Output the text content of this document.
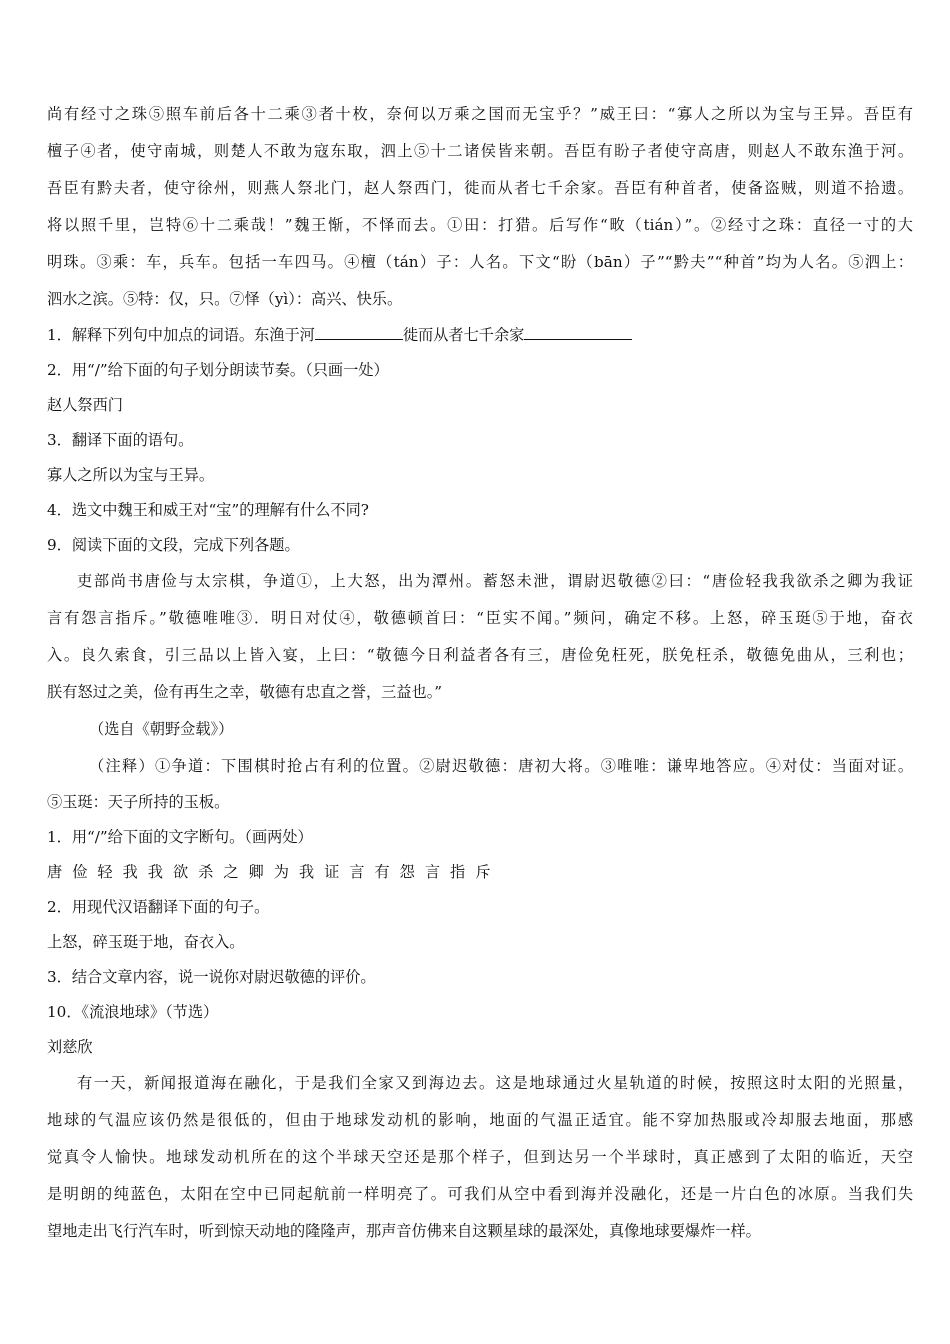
尚有经寸之珠⑤照车前后各十二乘③者十枚，奈何以万乘之国而无宝乎？”威王曰：“寡人之所以为宝与王异。吾臣有
檀子④者，使守南城，则楚人不敢为寇东取，泗上⑤十二诸侯皆来朝。吾臣有盼子者使守高唐，则赵人不敢东渔于河。
吾臣有黔夫者，使守徐州，则燕人祭北门，赵人祭西门，徙而从者七千余家。吾臣有种首者，使备盗贼，则道不拾遗。
将以照千里，岂特⑥十二乘哉！”魏王惭，不怿而去。①田：打猎。后写作“畋（tián）”。②经寸之珠：直径一寸的大
明珠。③乘：车，兵车。包括一车四马。④檀（tán）子：人名。下文“盼（bān）子”“黔夫”“种首”均为人名。⑤泗上：
泗水之滨。⑤特：仅，只。⑦怿（yì）：高兴、快乐。
1．解释下列句中加点的词语。东渔于河	徙而从者七千余家
2．用“/”给下面的句子划分朗读节奏。（只画一处）
赵人祭西门
3．翻译下面的语句。
寡人之所以为宝与王异。
4．选文中魏王和威王对“宝”的理解有什么不同?
9．阅读下面的文段，完成下列各题。
吏部尚书唐俭与太宗棋，争道①，上大怒，出为潭州。蓄怒未泄，谓尉迟敬德②曰：“唐俭轻我我欲杀之卿为我证
言有怨言指斥。”敬德唯唯③．明日对仗④，敬德顿首曰：“臣实不闻。”频问，确定不移。上怒，碎玉珽⑤于地，奋衣
入。良久索食，引三品以上皆入宴，上曰：“敬德今日利益者各有三，唐俭免枉死，朕免枉杀，敬德免曲从，三利也；
朕有怒过之美，俭有再生之幸，敬德有忠直之誉，三益也。”
（选自《朝野佥载》）
（注释）①争道：下围棋时抢占有利的位置。②尉迟敬德：唐初大将。③唯唯：谦卑地答应。④对仗：当面对证。
⑤玉珽：天子所持的玉板。
1．用“/”给下面的文字断句。（画两处）
唐俭轻我我欲杀之卿为我证言有怨言指斥
2．用现代汉语翻译下面的句子。
上怒，碎玉珽于地，奋衣入。
3．结合文章内容，说一说你对尉迟敬德的评价。
10．《流浪地球》（节选）
刘慈欣
有一天，新闻报道海在融化，于是我们全家又到海边去。这是地球通过火星轨道的时候，按照这时太阳的光照量，
地球的气温应该仍然是很低的，但由于地球发动机的影响，地面的气温正适宜。能不穿加热服或冷却服去地面，那感
觉真令人愉快。地球发动机所在的这个半球天空还是那个样子，但到达另一个半球时，真正感到了太阳的临近，天空
是明朗的纯蓝色，太阳在空中已同起航前一样明亮了。可我们从空中看到海并没融化，还是一片白色的冰原。当我们失
望地走出飞行汽车时，听到惊天动地的隆隆声，那声音仿佛来自这颗星球的最深处，真像地球要爆炸一样。
